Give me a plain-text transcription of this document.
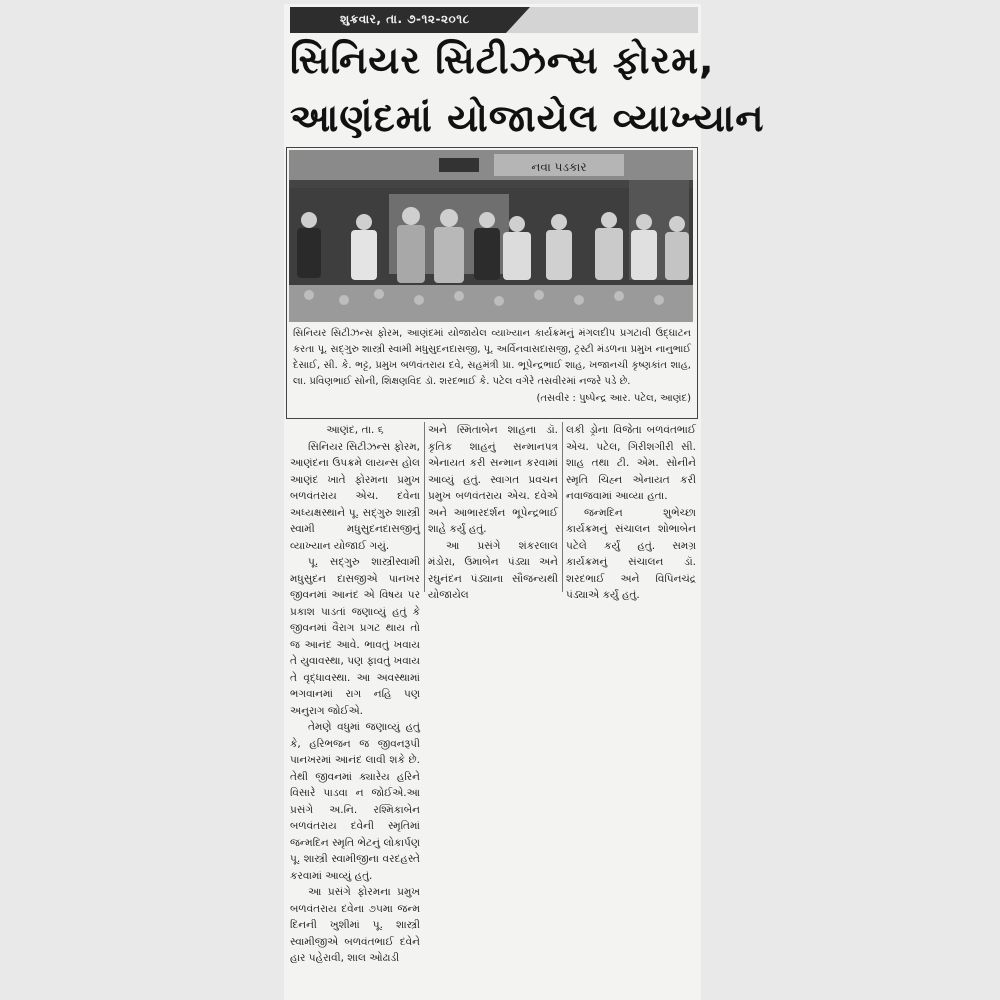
શુક્રવાર, તા. ૭-૧૨-૨૦૧૮
સિનિયર સિટીઝન્સ ફોરમ,
આણંદમાં યોજાયેલ વ્યાખ્યાન
નવા પડકાર

સિનિયર સિટીઝન્સ ફોરમ, આણંદમાં યોજાયેલ વ્યાખ્યાન કાર્યક્રમનું મંગલદીપ પ્રગટાવી ઉદ્ઘાટન કરતા પૂ. સદ્ગુરુ શાસ્ત્રી સ્વામી મધુસુદનદાસજી, પૂ. અર્વિનવાસદાસજી, ટ્રસ્ટી મંડળના પ્રમુખ નાનુભાઈ દેસાઈ, સી. કે. ભટ્ટ, પ્રમુખ બળવંતરાય દવે, સહમંત્રી પ્રા. ભૂપેન્દ્રભાઈ શાહ, ખજાનચી કૃષ્ણકાંત શાહ, લા. પ્રવિણભાઈ સોની, શિક્ષણવિદ ડૉ. શરદભાઈ કે. પટેલ વગેરે તસવીરમાં નજરે પડે છે.

(તસવીર : પુષ્પેન્દ્ર આર. પટેલ, આણંદ)

આણંદ, તા. ૬

સિનિયર સિટીઝન્સ ફોરમ, આણંદના ઉપક્રમે લાયન્સ હોલ આણંદ ખાતે ફોરમના પ્રમુખ બળવંતરાય એચ. દવેના અધ્યક્ષસ્થાને પૂ. સદ્ગુરુ શાસ્ત્રી સ્વામી મધુસુદનદાસજીનું વ્યાખ્યાન યોજાઈ ગયું.

પૂ. સદ્ગુરુ શાસ્ત્રીસ્વામી મધુસુદન દાસજીએ પાનખર જીવનમાં આનંદ એ વિષય પર પ્રકાશ પાડતાં જણાવ્યું હતું કે જીવનમાં વૈરાગ પ્રગટ થાય તો જ આનંદ આવે. ભાવતું ખવાય તે યુવાવસ્થા, પણ ફાવતું ખવાય તે વૃદ્ધાવસ્થા. આ અવસ્થામાં ભગવાનમાં રાગ નહિ પણ અનુરાગ જોઈએ.

તેમણે વધુમાં જણાવ્યું હતું કે, હરિભજન જ જીવનરૂપી પાનખરમાં આનંદ લાવી શકે છે. તેથી જીવનમાં ક્યારેય હરિને વિસારે પાડવા ન જોઈએ.આ પ્રસંગે અ.નિ. રશ્મિકાબેન બળવંતરાય દવેની સ્મૃતિમાં જન્મદિન સ્મૃતિ ભેટનું લોકાર્પણ પૂ. શાસ્ત્રી સ્વામીજીના વરદહસ્તે કરવામાં આવ્યું હતું.

આ પ્રસંગે ફોરમના પ્રમુખ બળવંતરાય દવેના ૭૫મા જન્મ દિનની ખુશીમાં પૂ. શાસ્ત્રી સ્વામીજીએ બળવંતભાઈ દવેને હાર પહેરાવી, શાલ ઓઢાડી

અને સ્મિતાબેન શાહના ડૉ. કૃતિક શાહનું સન્માનપત્ર એનાયત કરી સન્માન કરવામાં આવ્યું હતું. સ્વાગત પ્રવચન પ્રમુખ બળવંતરાય એચ. દવેએ અને આભારદર્શન ભૂપેન્દ્રભાઈ શાહે કર્યું હતું.

આ પ્રસંગે શંકરલાલ મંડોરા, ઉમાબેન પંડ્યા અને રઘુનંદન પંડ્યાના સૌજન્યથી યોજાયેલ

લકી ડ્રોના વિજેતા બળવંતભાઈ એચ. પટેલ, ગિરીશગીરી સી. શાહ તથા ટી. એમ. સોનીને સ્મૃતિ ચિહ્ન એનાયત કરી નવાજવામાં આવ્યા હતા.

જન્મદિન શુભેચ્છા કાર્યક્રમનું સંચાલન શોભાબેન પટેલે કર્યું હતું. સમગ્ર કાર્યક્રમનું સંચાલન ડૉ. શરદભાઈ અને વિપિનચંદ્ર પંડ્યાએ કર્યું હતું.
